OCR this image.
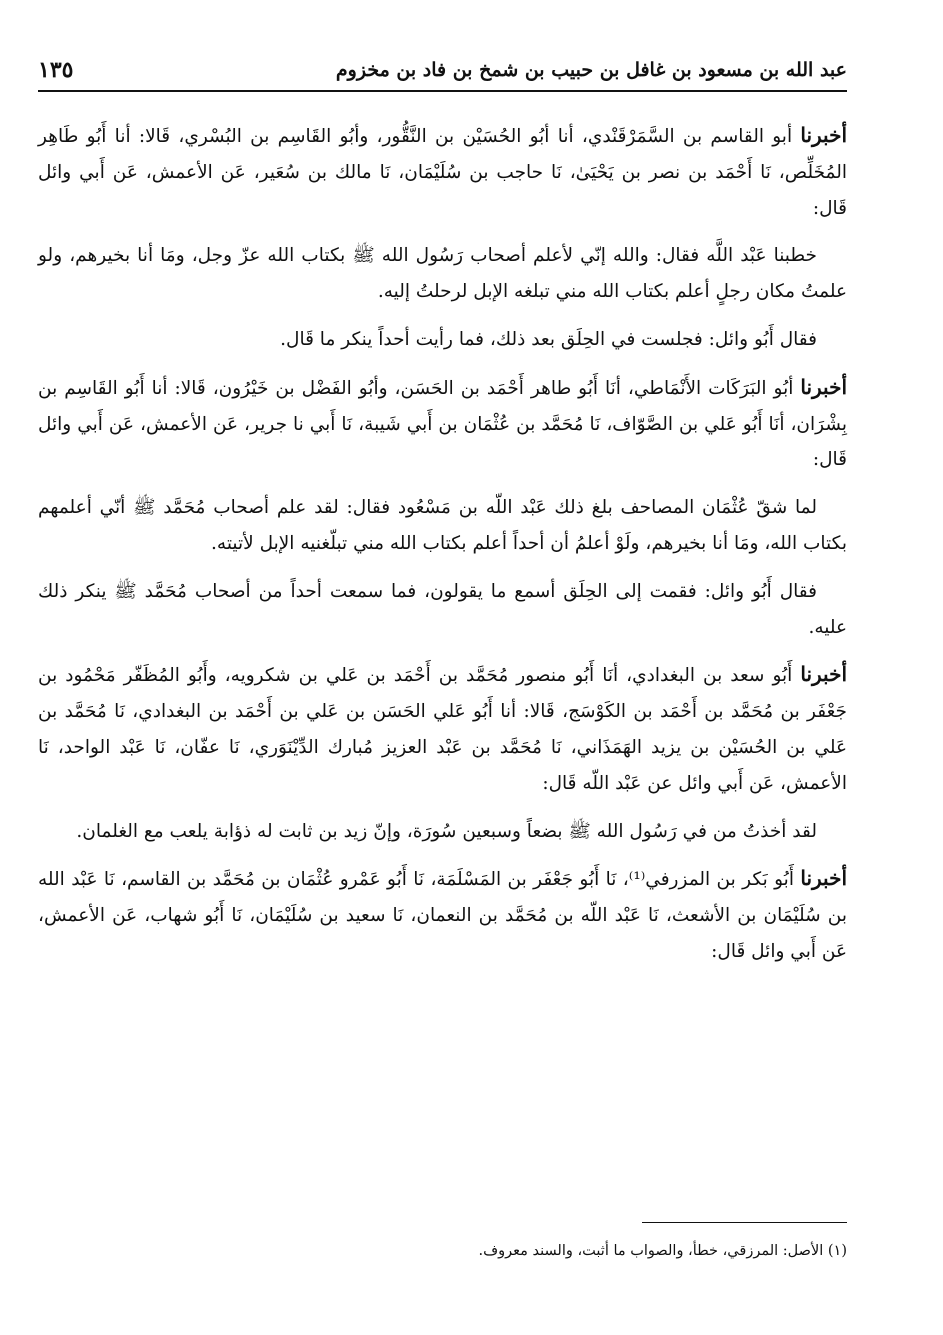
عبد الله بن مسعود بن غافل بن حبيب بن شمخ بن فاد بن مخزوم
١٣٥

أخبرنا أبو القاسم بن السَّمَرْقَنْدي، أنا أبُو الحُسَيْن بن النَّقُّور، وأبُو القَاسِم بن البُسْري، قَالا: أنا أَبُو طَاهِر المُخَلِّص، نَا أَحْمَد بن نصر بن يَحْيَىٰ، نَا حاجب بن سُلَيْمَان، نَا مالك بن سُعَير، عَن الأعمش، عَن أَبي وائل قَال:

خطبنا عَبْد اللَّه فقال: والله إنّي لأعلم أصحاب رَسُول الله ﷺ بكتاب الله عزّ وجل، ومَا أنا بخيرهم، ولو علمتُ مكان رجلٍ أعلم بكتاب الله مني تبلغه الإبل لرحلتُ إليه.

فقال أَبُو وائل: فجلست في الحِلَق بعد ذلك، فما رأيت أحداً ينكر ما قَال.

أخبرنا أبُو البَرَكَات الأَنْمَاطي، أنَا أَبُو طاهر أَحْمَد بن الحَسَن، وأبُو الفَضْل بن خَيْرُون، قَالا: أنا أَبُو القَاسِم بن بِشْرَان، أنَا أَبُو عَلي بن الصَّوّاف، نَا مُحَمَّد بن عُثْمَان بن أَبي شَيبة، نَا أَبي نا جرير، عَن الأعمش، عَن أَبي وائل قَال:

لما شقّ عُثْمَان المصاحف بلغ ذلك عَبْد اللّه بن مَسْعُود فقال: لقد علم أصحاب مُحَمَّد ﷺ أنّي أعلمهم بكتاب الله، ومَا أنا بخيرهم، ولَوْ أعلمُ أن أحداً أعلم بكتاب الله مني تبلّغنيه الإبل لأتيته.

فقال أَبُو وائل: فقمت إلى الحِلَق أسمع ما يقولون، فما سمعت أحداً من أصحاب مُحَمَّد ﷺ ينكر ذلك عليه.

أخبرنا أَبُو سعد بن البغدادي، أنَا أَبُو منصور مُحَمَّد بن أَحْمَد بن عَلي بن شكرويه، وأَبُو المُظَفّر مَحْمُود بن جَعْفَر بن مُحَمَّد بن أَحْمَد بن الكَوْسَج، قَالا: أنا أَبُو عَلي الحَسَن بن عَلي بن أَحْمَد بن البغدادي، نَا مُحَمَّد بن عَلي بن الحُسَيْن بن يزيد الهَمَذَاني، نَا مُحَمَّد بن عَبْد العزيز مُبارك الدِّيْنَوَري، نَا عفّان، نَا عَبْد الواحد، نَا الأعمش، عَن أَبي وائل عن عَبْد اللّه قَال:

لقد أخذتُ من في رَسُول الله ﷺ بضعاً وسبعين سُورَة، وإنّ زيد بن ثابت له ذؤابة يلعب مع الغلمان.

أخبرنا أَبُو بَكر بن المزرفي⁽¹⁾، نَا أَبُو جَعْفَر بن المَسْلَمَة، نَا أَبُو عَمْرو عُثْمَان بن مُحَمَّد بن القاسم، نَا عَبْد الله بن سُلَيْمَان بن الأشعث، نَا عَبْد اللّه بن مُحَمَّد بن النعمان، نَا سعيد بن سُلَيْمَان، نَا أَبُو شهاب، عَن الأعمش، عَن أَبي وائل قَال:

(١) الأصل: المرزقي، خطأ، والصواب ما أثبت، والسند معروف.
